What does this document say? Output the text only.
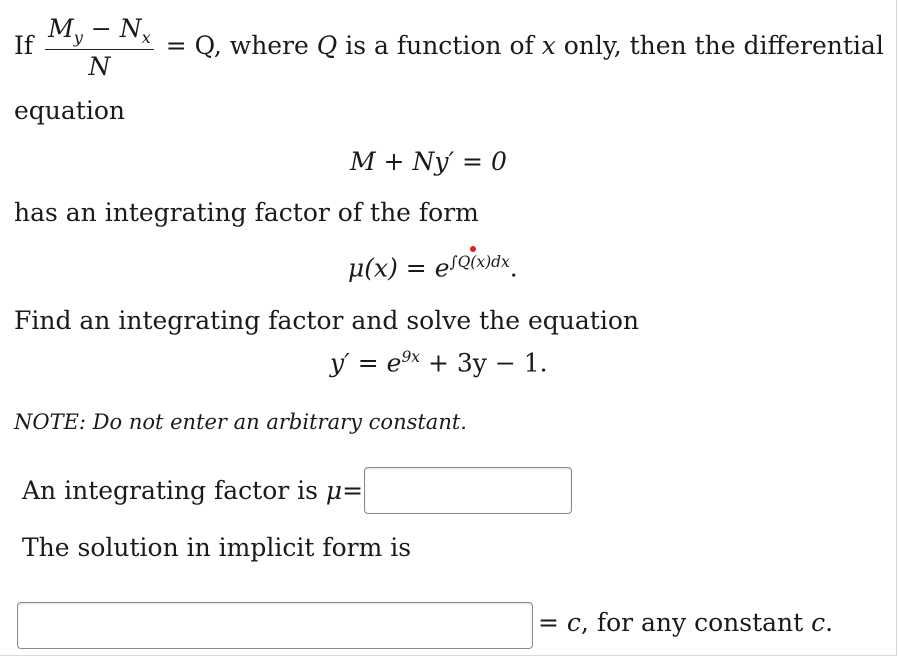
If $\frac{M_y - N_x}{N} = Q$, where Q is a function of x only, then the differential
equation
M + Ny′ = 0
has an integrating factor of the form
$\mu(x) = e^{\int Q(x)dx}$.
Find an integrating factor and solve the equation
$y' = e^{9x} + 3y - 1$.
NOTE: Do not enter an arbitrary constant.
An integrating factor is μ=
The solution in implicit form is
= c, for any constant c.
